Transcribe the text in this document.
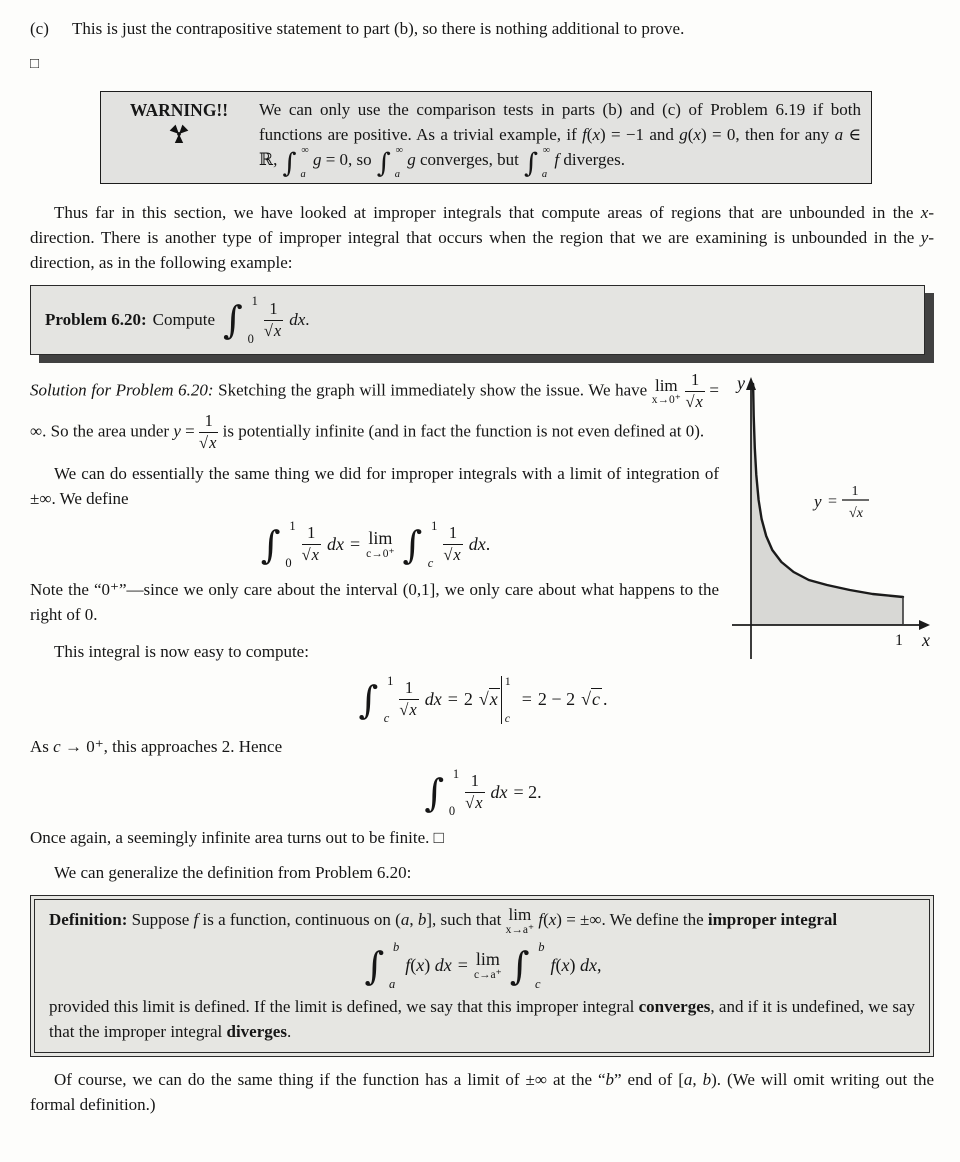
(c)	This is just the contrapositive statement to part (b), so there is nothing additional to prove.

□
WARNING!!	We can only use the comparison tests in parts (b) and (c) of Problem 6.19 if both functions are positive. As a trivial example, if f(x) = −1 and g(x) = 0, then for any a ∈ ℝ, ∫ ∞
a
g = 0, so ∫ ∞
a
g converges, but ∫ ∞
a
f diverges.

Thus far in this section, we have looked at improper integrals that compute areas of regions that are unbounded in the x-direction. There is another type of improper integral that occurs when the region that we are examining is unbounded in the y-direction, as in the following example:

Problem 6.20: Compute ∫ 1
$0 \frac{1}{√x}$ dx.
y
x
1
y =
1
√x

Solution for Problem 6.20: Sketching the graph will immediately show the issue. We have lim
x→0⁺
$\frac{1}{√x}$ = ∞. So the area under $y = \frac{1}{√x}$ is potentially infinite (and in fact the function is not even defined at 0).

We can do essentially the same thing we did for improper integrals with a limit of integration of ±∞. We define

∫ 1
$0 \frac{1}{√x}$ dx = lim
c→0⁺ ∫ 1
c $\frac{1}{√x}$ dx.

Note the “0⁺”—since we only care about the interval (0,1], we only care about what happens to the right of 0.

This integral is now easy to compute:

∫ 1
c $\frac{1}{√x}$ dx = 2 √x
1
c
= 2 − 2 √c .

As c → 0⁺, this approaches 2. Hence

∫ 1
$0 \frac{1}{√x}$ dx = 2.

Once again, a seemingly infinite area turns out to be finite. □

We can generalize the definition from Problem 6.20:

Definition: Suppose f is a function, continuous on (a, b], such that lim
x→a⁺
f(x) = ±∞. We define the improper integral

∫ b
a
f(x) dx = lim
c→a⁺ ∫ b
c
f(x) dx,

provided this limit is defined. If the limit is defined, we say that this improper integral converges, and if it is undefined, we say that the improper integral diverges.

Of course, we can do the same thing if the function has a limit of ±∞ at the “b” end of [a, b). (We will omit writing out the formal definition.)
